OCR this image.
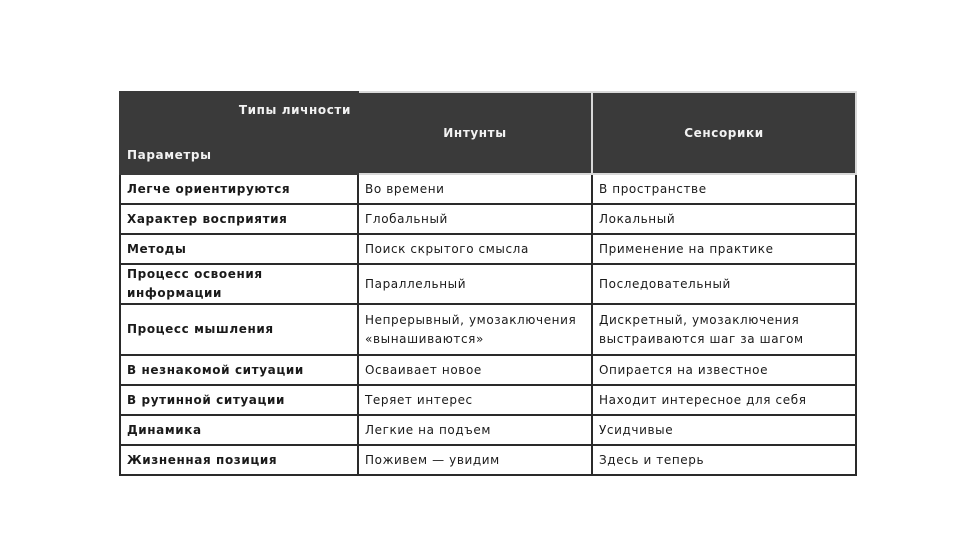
Типы личности
Параметры	Интунты	Сенсорики
Легче ориентируются	Во времени	В пространстве
Характер восприятия	Глобальный	Локальный
Методы	Поиск скрытого смысла	Применение на практике
Процесс освоения информации	Параллельный	Последовательный
Процесс мышления	Непрерывный, умозаключения «вынашиваются»	Дискретный, умозаключения выстраиваются шаг за шагом
В незнакомой ситуации	Осваивает новое	Опирается на известное
В рутинной ситуации	Теряет интерес	Находит интересное для себя
Динамика	Легкие на подъем	Усидчивые
Жизненная позиция	Поживем — увидим	Здесь и теперь
